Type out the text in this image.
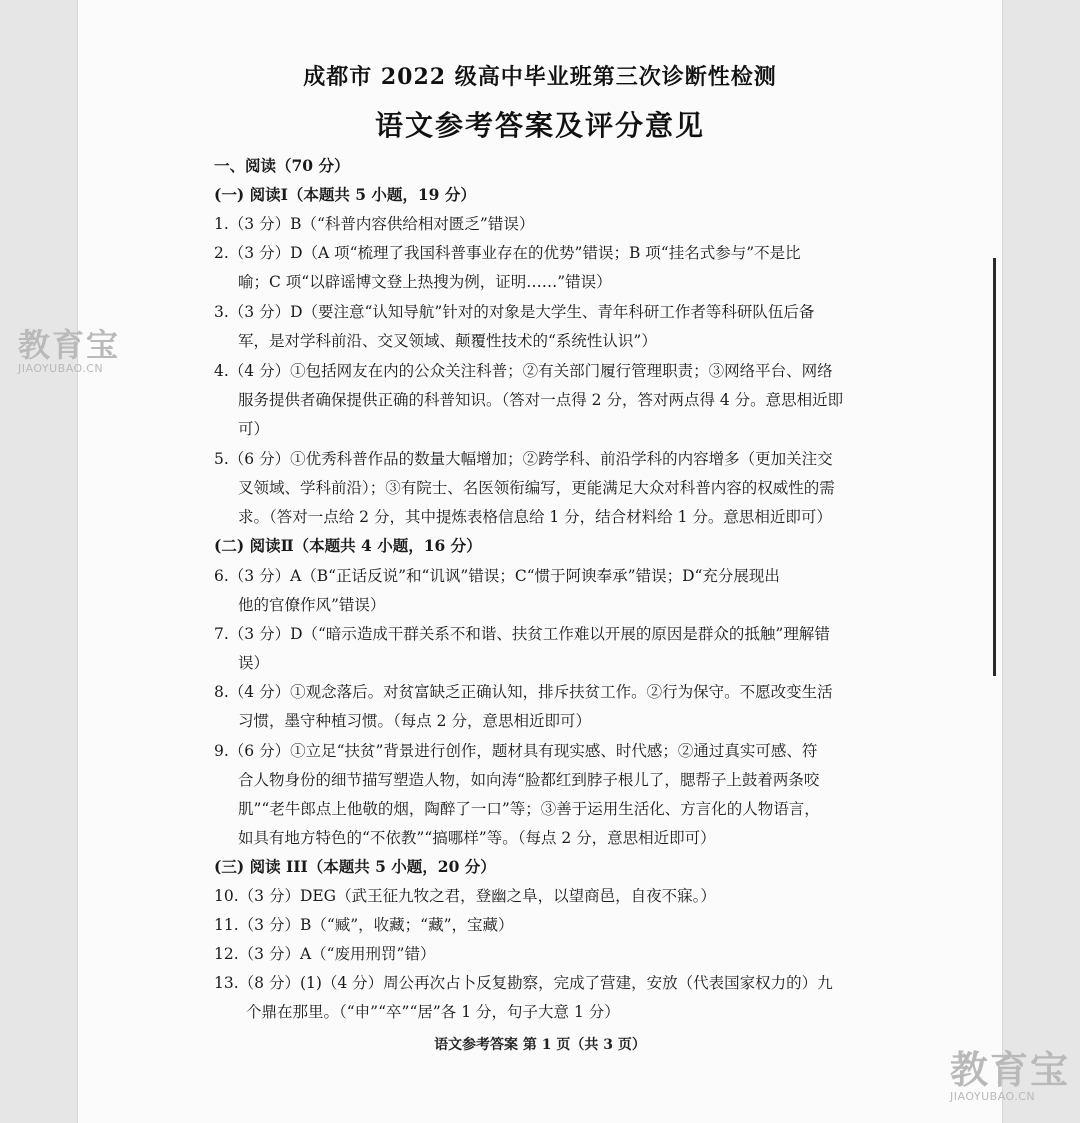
成都市 2022 级高中毕业班第三次诊断性检测
语文参考答案及评分意见
一、阅读（70 分）
(一) 阅读Ⅰ（本题共 5 小题，19 分）
1.（3 分）B（“科普内容供给相对匮乏”错误）
2.（3 分）D（A 项“梳理了我国科普事业存在的优势”错误；B 项“挂名式参与”不是比
喻；C 项“以辟谣博文登上热搜为例，证明……”错误）
3.（3 分）D（要注意“认知导航”针对的对象是大学生、青年科研工作者等科研队伍后备
军，是对学科前沿、交叉领域、颠覆性技术的“系统性认识”）
4.（4 分）①包括网友在内的公众关注科普；②有关部门履行管理职责；③网络平台、网络
服务提供者确保提供正确的科普知识。（答对一点得 2 分，答对两点得 4 分。意思相近即
可）
5.（6 分）①优秀科普作品的数量大幅增加；②跨学科、前沿学科的内容增多（更加关注交
叉领域、学科前沿）；③有院士、名医领衔编写，更能满足大众对科普内容的权威性的需
求。（答对一点给 2 分，其中提炼表格信息给 1 分，结合材料给 1 分。意思相近即可）
(二) 阅读Ⅱ（本题共 4 小题，16 分）
6.（3 分）A（B“正话反说”和“讥讽”错误；C“惯于阿谀奉承”错误；D“充分展现出
他的官僚作风”错误）
7.（3 分）D（“暗示造成干群关系不和谐、扶贫工作难以开展的原因是群众的抵触”理解错
误）
8.（4 分）①观念落后。对贫富缺乏正确认知，排斥扶贫工作。②行为保守。不愿改变生活
习惯，墨守种植习惯。（每点 2 分，意思相近即可）
9.（6 分）①立足“扶贫”背景进行创作，题材具有现实感、时代感；②通过真实可感、符
合人物身份的细节描写塑造人物，如向涛“脸都红到脖子根儿了，腮帮子上鼓着两条咬
肌”“老牛郎点上他敬的烟，陶醉了一口”等；③善于运用生活化、方言化的人物语言，
如具有地方特色的“不依教”“搞哪样”等。（每点 2 分，意思相近即可）
(三) 阅读 III（本题共 5 小题，20 分）
10.（3 分）DEG（武王征九牧之君，登幽之阜，以望商邑，自夜不寐。）
11.（3 分）B（“臧”，收藏；“藏”，宝藏）
12.（3 分）A（“废用刑罚”错）
13.（8 分）(1)（4 分）周公再次占卜反复勘察，完成了营建，安放（代表国家权力的）九
个鼎在那里。（“申”“卒”“居”各 1 分，句子大意 1 分）
语文参考答案 第 1 页（共 3 页）
教育宝
JIAOYUBAO.CN
教育宝
JIAOYUBAO.CN
